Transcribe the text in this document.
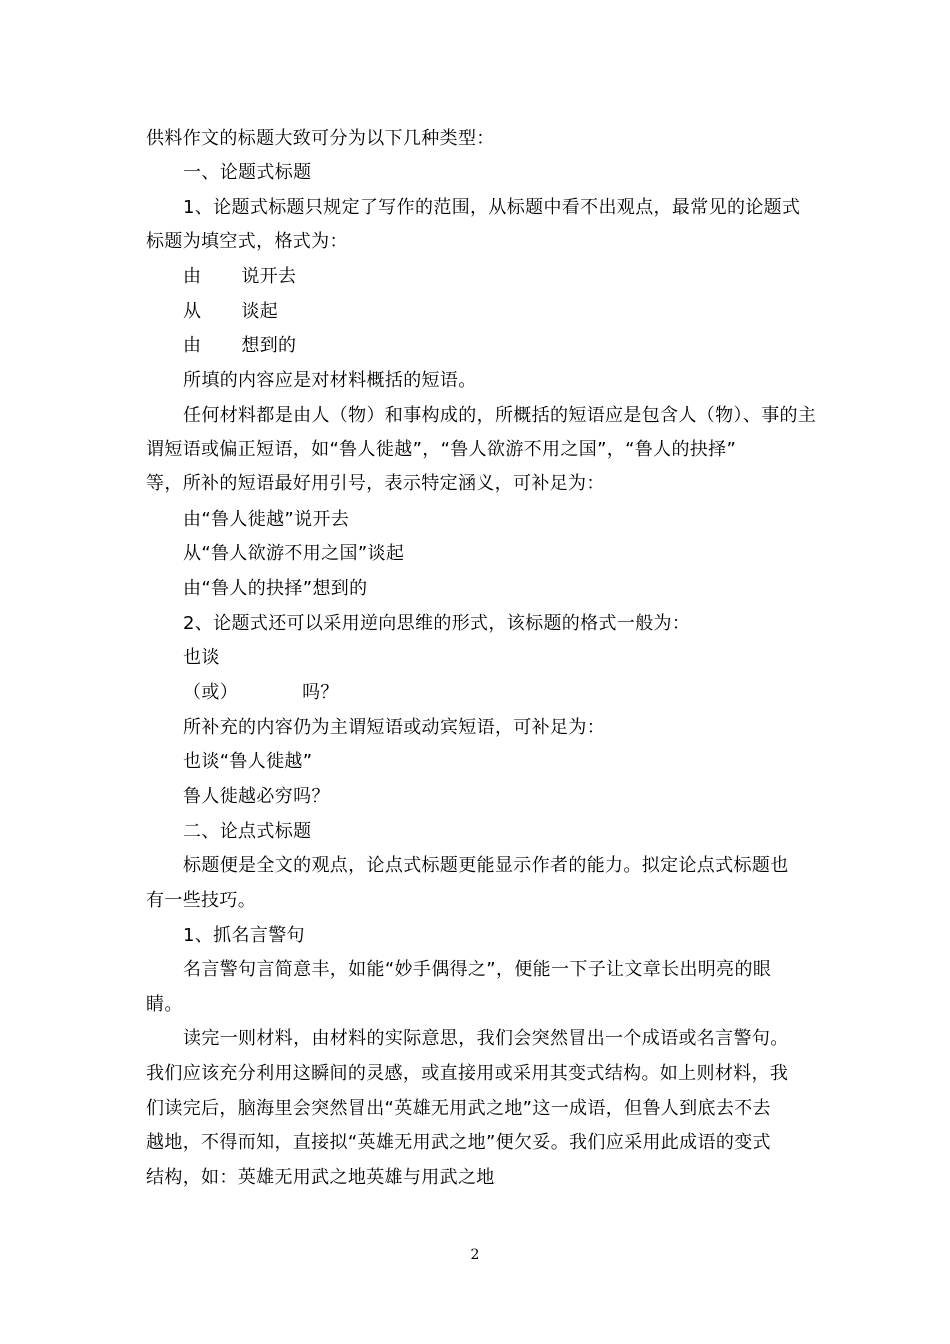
供料作文的标题大致可分为以下几种类型：
一、论题式标题
1、论题式标题只规定了写作的范围，从标题中看不出观点，最常见的论题式
标题为填空式，格式为：
由 说开去
从 谈起
由 想到的
所填的内容应是对材料概括的短语。
任何材料都是由人（物）和事构成的，所概括的短语应是包含人（物）、事的主
谓短语或偏正短语，如“鲁人徙越”，“鲁人欲游不用之国”，“鲁人的抉择”
等，所补的短语最好用引号，表示特定涵义，可补足为：
由“鲁人徙越”说开去
从“鲁人欲游不用之国”谈起
由“鲁人的抉择”想到的
2、论题式还可以采用逆向思维的形式，该标题的格式一般为：
也谈
（或）	吗？
所补充的内容仍为主谓短语或动宾短语，可补足为：
也谈“鲁人徙越”
鲁人徙越必穷吗？
二、论点式标题
标题便是全文的观点，论点式标题更能显示作者的能力。拟定论点式标题也
有一些技巧。
1、抓名言警句
名言警句言简意丰，如能“妙手偶得之”，便能一下子让文章长出明亮的眼
睛。
读完一则材料，由材料的实际意思，我们会突然冒出一个成语或名言警句。
我们应该充分利用这瞬间的灵感，或直接用或采用其变式结构。如上则材料，我
们读完后，脑海里会突然冒出“英雄无用武之地”这一成语，但鲁人到底去不去
越地，不得而知，直接拟“英雄无用武之地”便欠妥。我们应采用此成语的变式
结构，如：英雄无用武之地英雄与用武之地
2
